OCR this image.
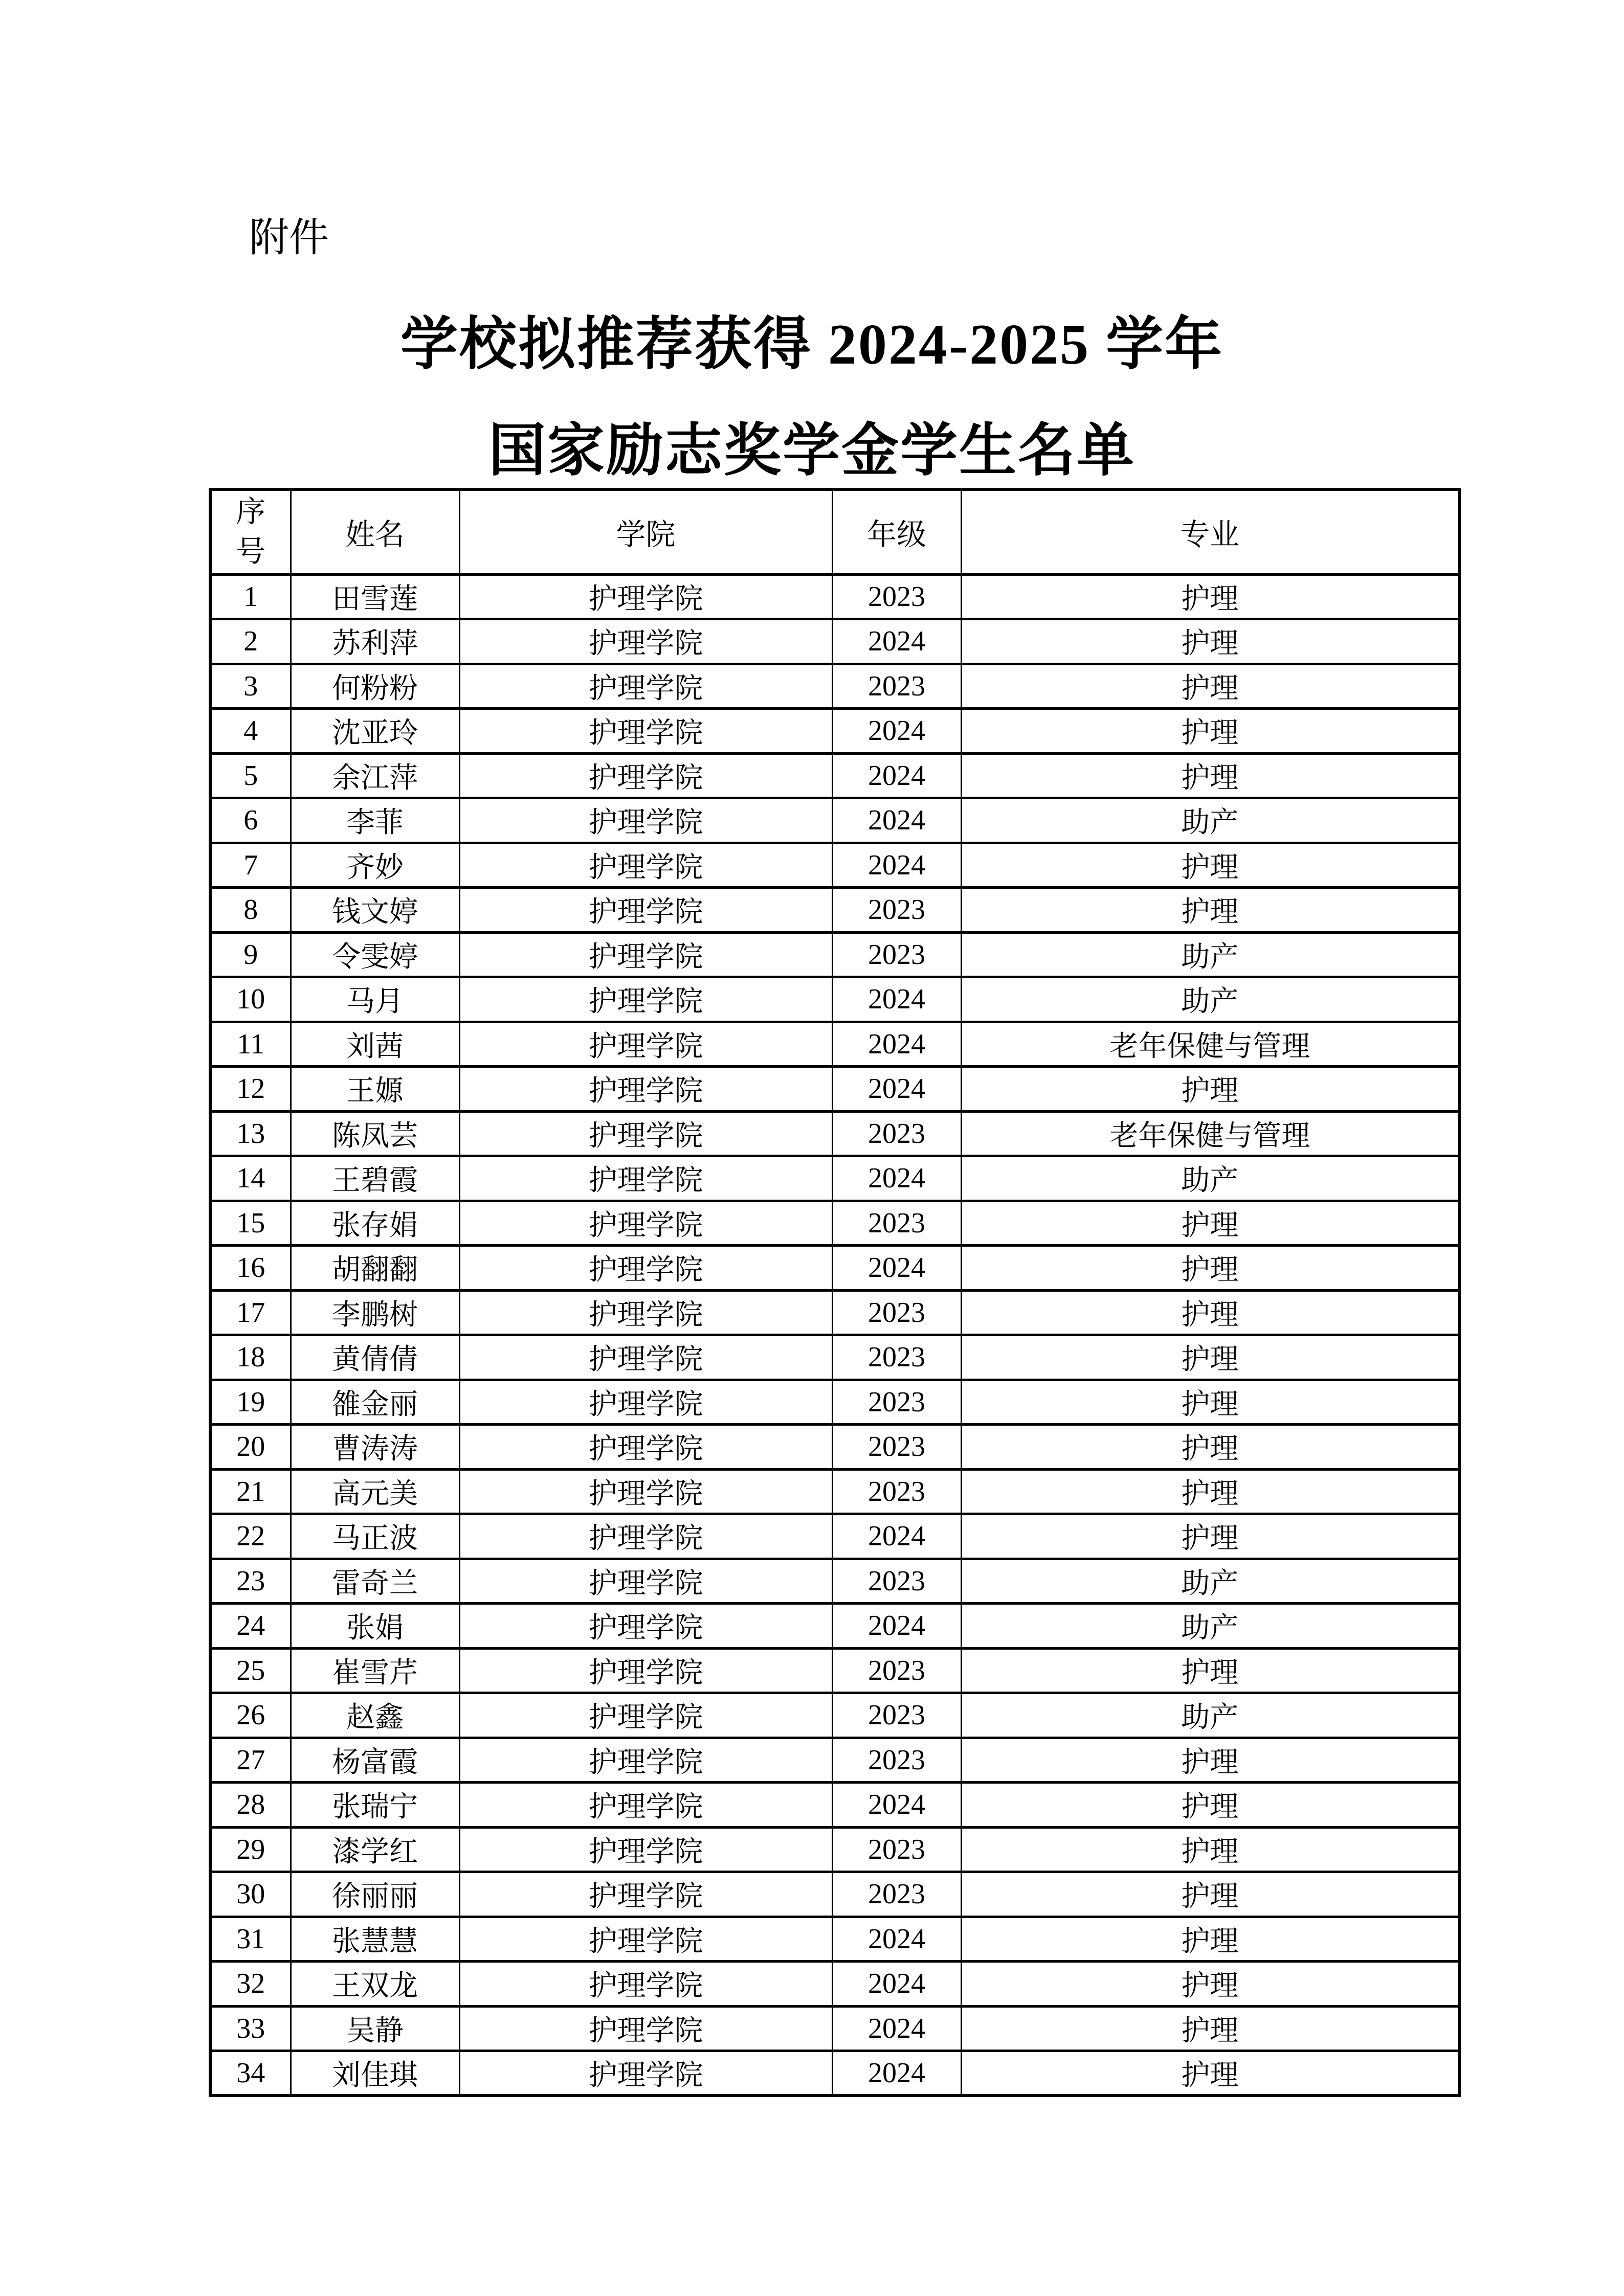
附件
学校拟推荐获得 2024-2025 学年
国家励志奖学金学生名单
序号	姓名	学院	年级	专业
1	田雪莲	护理学院	2023	护理
2	苏利萍	护理学院	2024	护理
3	何粉粉	护理学院	2023	护理
4	沈亚玲	护理学院	2024	护理
5	余江萍	护理学院	2024	护理
6	李菲	护理学院	2024	助产
7	齐妙	护理学院	2024	护理
8	钱文婷	护理学院	2023	护理
9	令雯婷	护理学院	2023	助产
10	马月	护理学院	2024	助产
11	刘茜	护理学院	2024	老年保健与管理
12	王嫄	护理学院	2024	护理
13	陈凤芸	护理学院	2023	老年保健与管理
14	王碧霞	护理学院	2024	助产
15	张存娟	护理学院	2023	护理
16	胡翻翻	护理学院	2024	护理
17	李鹏树	护理学院	2023	护理
18	黄倩倩	护理学院	2023	护理
19	雒金丽	护理学院	2023	护理
20	曹涛涛	护理学院	2023	护理
21	高元美	护理学院	2023	护理
22	马正波	护理学院	2024	护理
23	雷奇兰	护理学院	2023	助产
24	张娟	护理学院	2024	助产
25	崔雪芹	护理学院	2023	护理
26	赵鑫	护理学院	2023	助产
27	杨富霞	护理学院	2023	护理
28	张瑞宁	护理学院	2024	护理
29	漆学红	护理学院	2023	护理
30	徐丽丽	护理学院	2023	护理
31	张慧慧	护理学院	2024	护理
32	王双龙	护理学院	2024	护理
33	吴静	护理学院	2024	护理
34	刘佳琪	护理学院	2024	护理
